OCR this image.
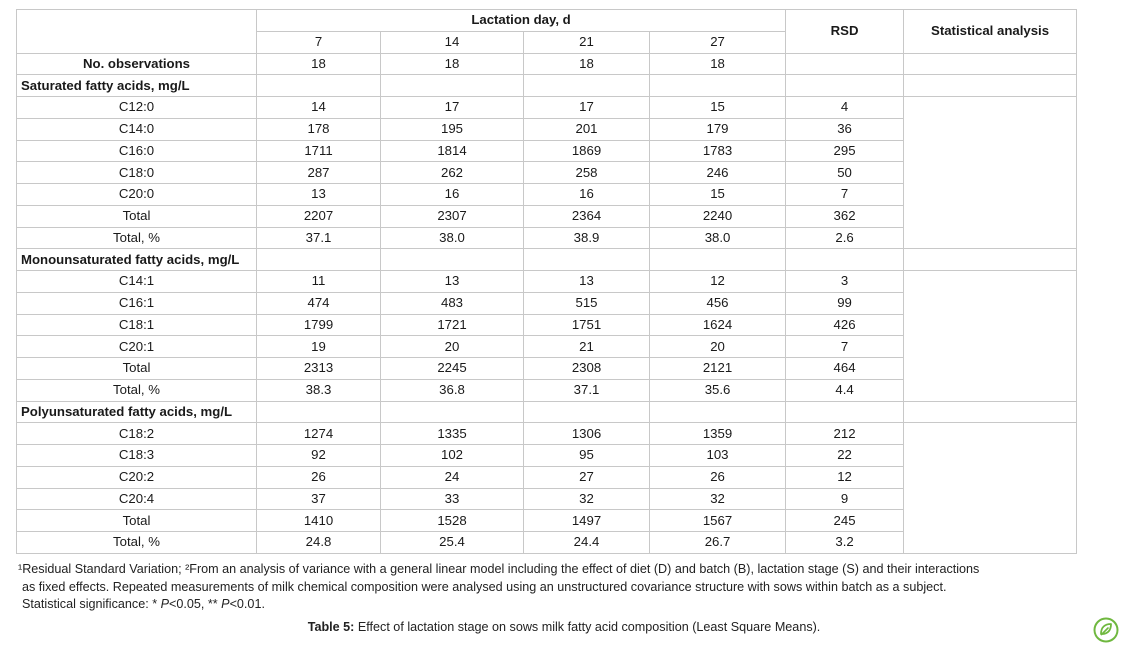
	Lactation day, d				RSD	Statistical analysis
	7	14	21	27		
No. observations	18	18	18	18		
Saturated fatty acids, mg/L						
C12:0	14	17	17	15	4	
C14:0	178	195	201	179	36	
C16:0	1711	1814	1869	1783	295	
C18:0	287	262	258	246	50	
C20:0	13	16	16	15	7	
Total	2207	2307	2364	2240	362	
Total, %	37.1	38.0	38.9	38.0	2.6	
Monounsaturated fatty acids, mg/L						
C14:1	11	13	13	12	3	
C16:1	474	483	515	456	99	
C18:1	1799	1721	1751	1624	426	
C20:1	19	20	21	20	7	
Total	2313	2245	2308	2121	464	
Total, %	38.3	36.8	37.1	35.6	4.4	
Polyunsaturated fatty acids, mg/L						
C18:2	1274	1335	1306	1359	212	
C18:3	92	102	95	103	22	
C20:2	26	24	27	26	12	
C20:4	37	33	32	32	9	
Total	1410	1528	1497	1567	245	
Total, %	24.8	25.4	24.4	26.7	3.2	
¹Residual Standard Variation; ²From an analysis of variance with a general linear model including the effect of diet (D) and batch (B), lactation stage (S) and their interactions
as fixed effects. Repeated measurements of milk chemical composition were analysed using an unstructured covariance structure with sows within batch as a subject.
Statistical significance: * P<0.05, ** P<0.01.
Table 5: Effect of lactation stage on sows milk fatty acid composition (Least Square Means).
